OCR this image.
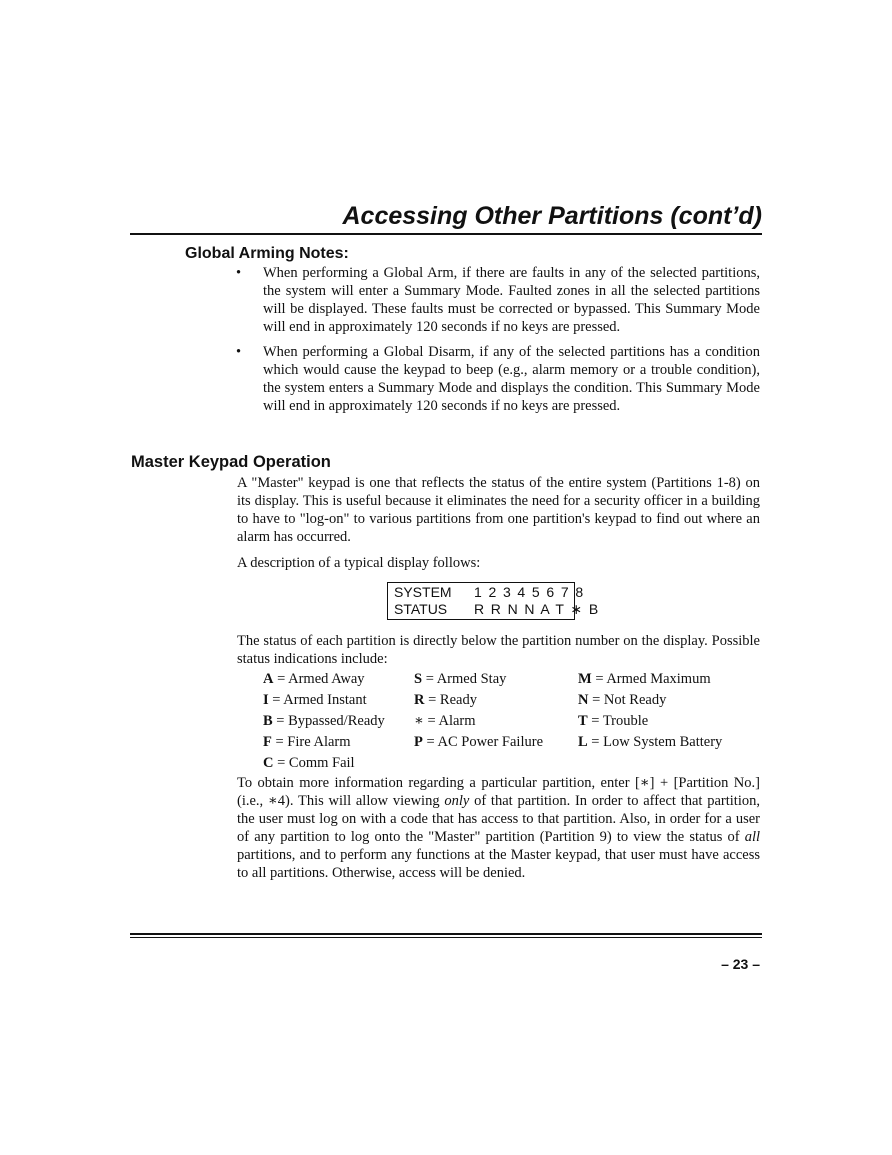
Accessing Other Partitions (cont’d)
Global Arming Notes:
• When performing a Global Arm, if there are faults in any of the selected partitions, the system will enter a Summary Mode. Faulted zones in all the selected partitions will be displayed. These faults must be corrected or bypassed. This Summary Mode will end in approximately 120 seconds if no keys are pressed.
• When performing a Global Disarm, if any of the selected partitions has a condition which would cause the keypad to beep (e.g., alarm memory or a trouble condition), the system enters a Summary Mode and displays the condition. This Summary Mode will end in approximately 120 seconds if no keys are pressed.
Master Keypad Operation

A "Master" keypad is one that reflects the status of the entire system (Partitions 1-8) on its display. This is useful because it eliminates the need for a security officer in a building to have to "log-on" to various partitions from one partition's keypad to find out where an alarm has occurred.

A description of a typical display follows:

SYSTEM 1 2 3 4 5 6 7 8
STATUS R R N N A T ∗ B

The status of each partition is directly below the partition number on the display. Possible status indications include:

A = Armed Away	S = Armed Stay	M = Armed Maximum
I = Armed Instant	R = Ready	N = Not Ready
B = Bypassed/Ready ∗ = Alarm	T = Trouble
F = Fire Alarm	P = AC Power Failure L = Low System Battery
C = Comm Fail

To obtain more information regarding a particular partition, enter [∗] + [Partition No.] (i.e., ∗4). This will allow viewing only of that partition. In order to affect that partition, the user must log on with a code that has access to that partition. Also, in order for a user of any partition to log onto the "Master" partition (Partition 9) to view the status of all partitions, and to perform any functions at the Master keypad, that user must have access to all partitions. Otherwise, access will be denied.

– 23 –
